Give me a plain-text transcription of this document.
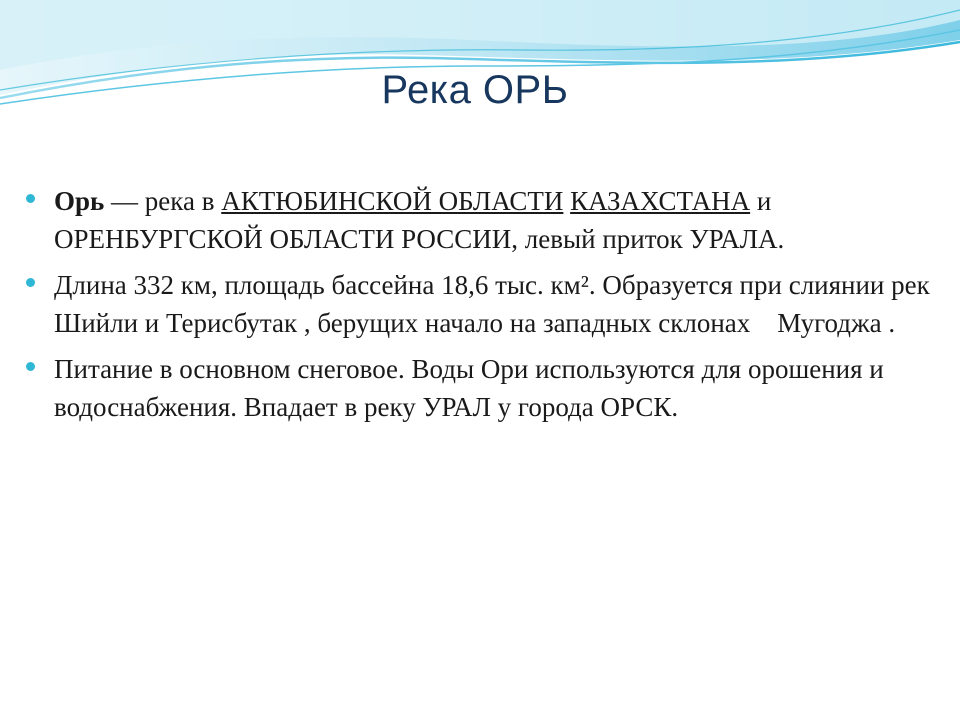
Река ОРЬ
Орь — река в АКТЮБИНСКОЙ ОБЛАСТИ КАЗАХСТАНА и ОРЕНБУРГСКОЙ ОБЛАСТИ РОССИИ, левый приток УРАЛА.
Длина 332 км, площадь бассейна 18,6 тыс. км². Образуется при слиянии рек Шийли и Терисбутак , берущих начало на западных склонах    Мугоджа .
Питание в основном снеговое. Воды Ори используются для орошения и водоснабжения. Впадает в реку УРАЛ у города ОРСК.
